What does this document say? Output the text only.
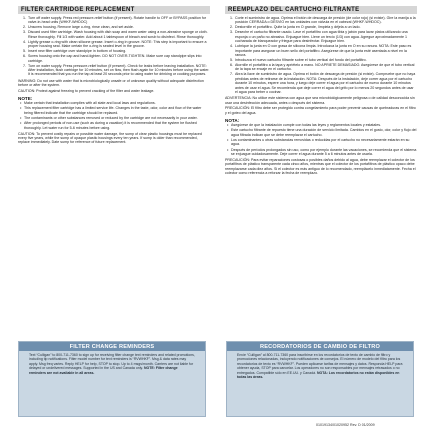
FILTER CARTRIDGE REPLACEMENT
1. Turn off water supply. Press red pressure-relief button (if present). Rotate handle to OFF or BYPASS position for valve-in-head units (WHKF-WHDOC)
2. Unscrew housing. Remove large o-ring, rinse clean, and set aside.
3. Discard used filter cartridge. Wash housing with dish soap and warm water using a non-abrasive sponge or cloth. Rinse thoroughly. Fill 1/3 with water. Add about 1 tablespoon of bleach and scrub to disinfect. Rinse thoroughly.
4. Lightly grease o-ring with clean silicone grease. Insert o-ring in groove. NOTE: This step is important to ensure a proper housing seal. Make certain the o-ring is seated level in the groove.
5. Insert new filter cartridge over standpipe in bottom of housing.
6. Screw housing onto the cap and hand-tighten. DO NOT OVER-TIGHTEN. Make sure cap standpipe slips into cartridge.
7. Turn on water supply. Press pressure-relief button (if present). Check for leaks before leaving installation. NOTE: After installation, flush cartridge for 10 minutes, set on flow, then flush again for 10 minutes before using the water. It is recommended that you run the tap at least 20 seconds prior to using water for drinking or cooking purposes.
WARNING: Do not use with water that is microbiologically unsafe or of unknown quality without adequate disinfection before or after the system.
CAUTION: Protect against freezing to prevent cracking of the filter and water leakage.
NOTE:
• Make certain that installation complies with all state and local laws and regulations.
• This replacement filter cartridge has a limited service life. Changes in the taste, odor, color and flow of the water being filtered indicate that the cartridge should be replaced.
• The contaminants or other substances removed or reduced by the cartridge are not necessarily in your water.
• After prolonged periods of non-use (such as during a vacation) it is recommended that the system be flushed thoroughly. Let water run for 5-6 minutes before using.
CAUTION: To prevent costly repairs or possible water damage, the sump of clear plastic housings must be replaced every five years, while the sump of opaque plastic housings every ten years. If sump is older than recommended, replace immediately. Date sump for reference of future replacement.
REEMPLAZO DEL CARTUCHO FILTRANTE
1. Corte el suministro de agua. Oprima el botón de descarga de presión (de color rojo) (si existe). Gire la manija a la posición CERRADA o DESVIO en las unidades con válvula en el cabezal (WHKF-WHDOC).
2. Destornille el portafiltro. Quite la junta en O grande, límpiela y déjela a un lado.
3. Deseche el cartucho filtrante usado. Lave el portafiltro con agua tibia y jabón para lavar platos utilizando una esponja o un paño no abrasivo. Enjuague bien. Llene un tercio (1/3) con agua. Agregue aproximadamente 1 cucharada de blanqueador y friegue para desinfectar. Enjuague bien.
4. Lubrique la junta en O con grasa de silicona limpia. Introduzca la junta en O en su ranura. NOTA: Este paso es importante para asegurar un buen sello del portafiltro. Asegúrese de que la junta esté asentada a nivel en la ranura.
5. Introduzca el nuevo cartucho filtrante sobre el tubo vertical del fondo del portafiltro.
6. Atornille el portafiltro a la tapa y apriételo a mano. NO APRIETE DEMASIADO. Asegúrese de que el tubo vertical de la tapa se encaje en el cartucho.
7. Abra la llave de suministro de agua. Oprima el botón de descarga de presión (si existe). Compruebe que no haya pérdidas antes de retirarse de la instalación. NOTA: Después de la instalación, deje correr agua por el cartucho durante 10 minutos, espere una hora, y luego deje correr el agua por el cartucho de nuevo durante 10 minutos antes de usar el agua. Se recomienda que deje correr el agua del grifo por lo menos 20 segundos antes de usar el agua para beber o cocinar.
ADVERTENCIA: No utilice este sistema con agua que sea microbiológicamente peligrosa o de calidad desconocida sin usar una desinfección adecuada, antes o después del sistema.
PRECAUCIÓN: El filtro debe ser protegido contra congelamiento para poder prevenir causas de quebraduras en el filtro y el goteo del agua.
NOTA:
• Asegúrese de que la instalación cumple con todas las leyes y reglamentos locales y estatales.
• Este cartucho filtrante de repuesto tiene una duración de servicio limitada. Cambios en el gusto, olor, color y flujo del agua filtrada indican que se debe reemplazar el cartucho.
• Los contaminantes u otras substancias removidas o reducidas por el cartucho no necesariamente estarán en su agua.
• Después de períodos prolongados sin uso, como por ejemplo durante las vacaciones, se recomienda que el sistema se enjuague cuidadosamente. Deje correr el agua durante 5 a 6 minutos antes de usarla.
PRECAUCIÓN: Para evitar reparaciones costosas o posibles daños debido al agua, debe reemplazar el colector de los portafiltros de plástico transparente cada cinco años, mientras que el colector de los portafiltros de plástico opaco debe reemplazarse cada diez años. Si el colector es más antiguo de lo recomendado, reemplácelo inmediatamente. Fecha el colector como referencia a reforzar la fecha de reemplazo.
FILTER CHANGE REMINDERS
Text “Culligan” to 800-711-7360 to sign up for receiving filter change text reminders and related promotions, including tip notifications. Filter model number for text reminders is “RVWHKF”. Msg & data rates may apply. Msg freq varies. Reply HELP for help, STOP to stop. Up to 4 msgs/month. Carriers are not liable for delayed or undelivered messages. Supported in the US and Canada only. NOTE: Filter change reminders are not available in all areas.
RECORDATORIOS DE CAMBIO DE FILTRO
Envíe “Culligan” al 800-711-7360 para inscribirse en los recordatorios de texto de cambio de filtro y promociones relacionadas, incluyendo notificaciones de consejos. El número de modelo del filtro para los recordatorios de texto es “RVWHKF”. Pueden aplicarse tarifas de mensajes y datos. Responda HELP para obtener ayuda, STOP para cancelar. Los operadores no son responsables por mensajes retrasados o no entregados. Compatible sólo en EE.UU. y Canadá. NOTA: Los recordatorios no están disponibles en todas las áreas.
01019134/01020952 Rev. D 01/2009
